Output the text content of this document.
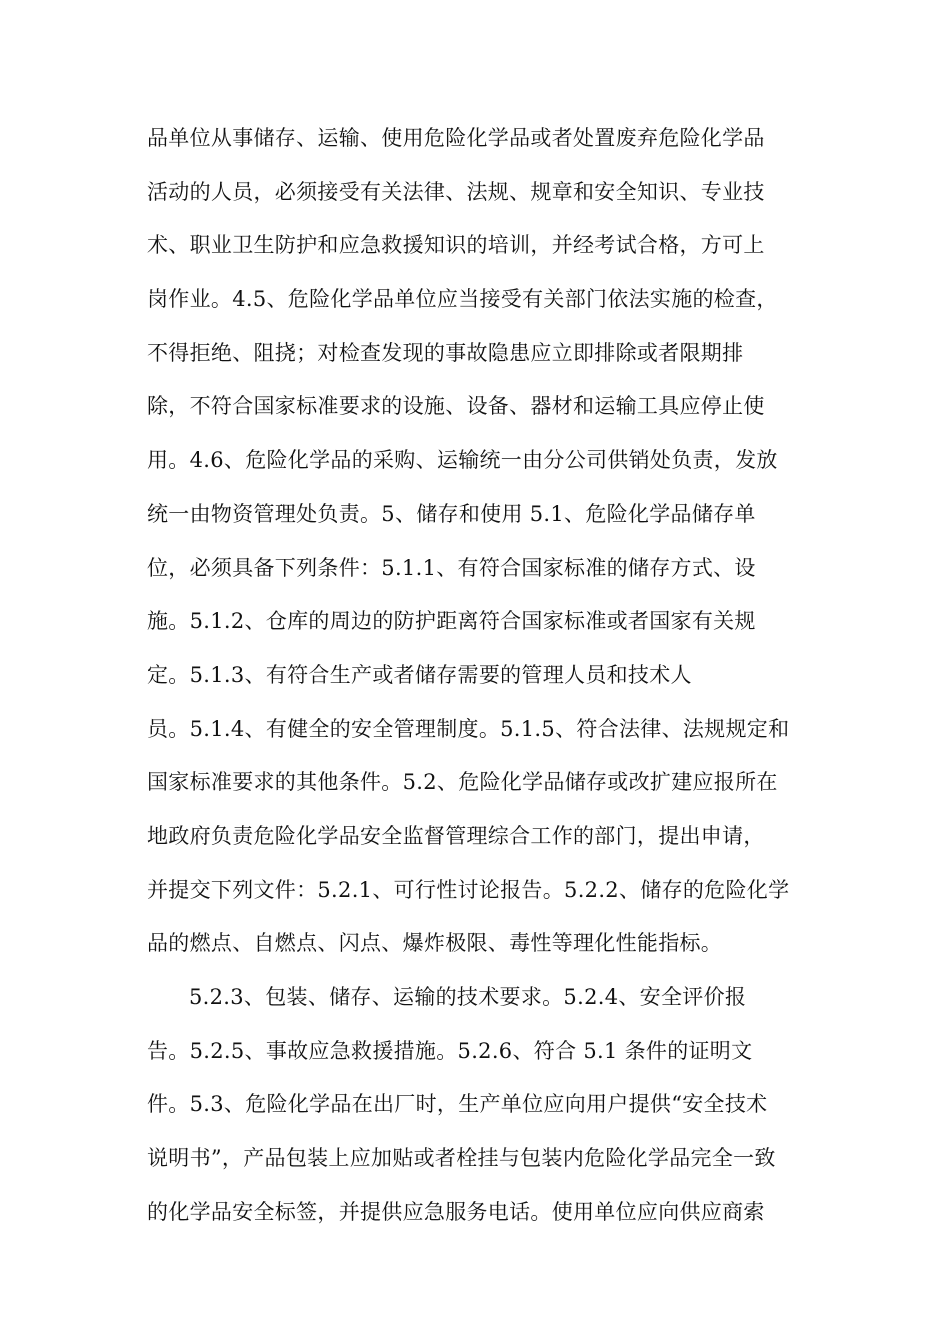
品单位从事储存、运输、使用危险化学品或者处置废弃危险化学品
活动的人员，必须接受有关法律、法规、规章和安全知识、专业技
术、职业卫生防护和应急救援知识的培训，并经考试合格，方可上
岗作业。4.5、危险化学品单位应当接受有关部门依法实施的检查，
不得拒绝、阻挠；对检查发现的事故隐患应立即排除或者限期排
除，不符合国家标准要求的设施、设备、器材和运输工具应停止使
用。4.6、危险化学品的采购、运输统一由分公司供销处负责，发放
统一由物资管理处负责。5、储存和使用 5.1、危险化学品储存单
位，必须具备下列条件：5.1.1、有符合国家标准的储存方式、设
施。5.1.2、仓库的周边的防护距离符合国家标准或者国家有关规
定。5.1.3、有符合生产或者储存需要的管理人员和技术人
员。5.1.4、有健全的安全管理制度。5.1.5、符合法律、法规规定和
国家标准要求的其他条件。5.2、危险化学品储存或改扩建应报所在
地政府负责危险化学品安全监督管理综合工作的部门，提出申请，
并提交下列文件：5.2.1、可行性讨论报告。5.2.2、储存的危险化学
品的燃点、自燃点、闪点、爆炸极限、毒性等理化性能指标。
5.2.3、包装、储存、运输的技术要求。5.2.4、安全评价报
告。5.2.5、事故应急救援措施。5.2.6、符合 5.1 条件的证明文
件。5.3、危险化学品在出厂时，生产单位应向用户提供“安全技术
说明书”，产品包装上应加贴或者栓挂与包装内危险化学品完全一致
的化学品安全标签，并提供应急服务电话。使用单位应向供应商索
